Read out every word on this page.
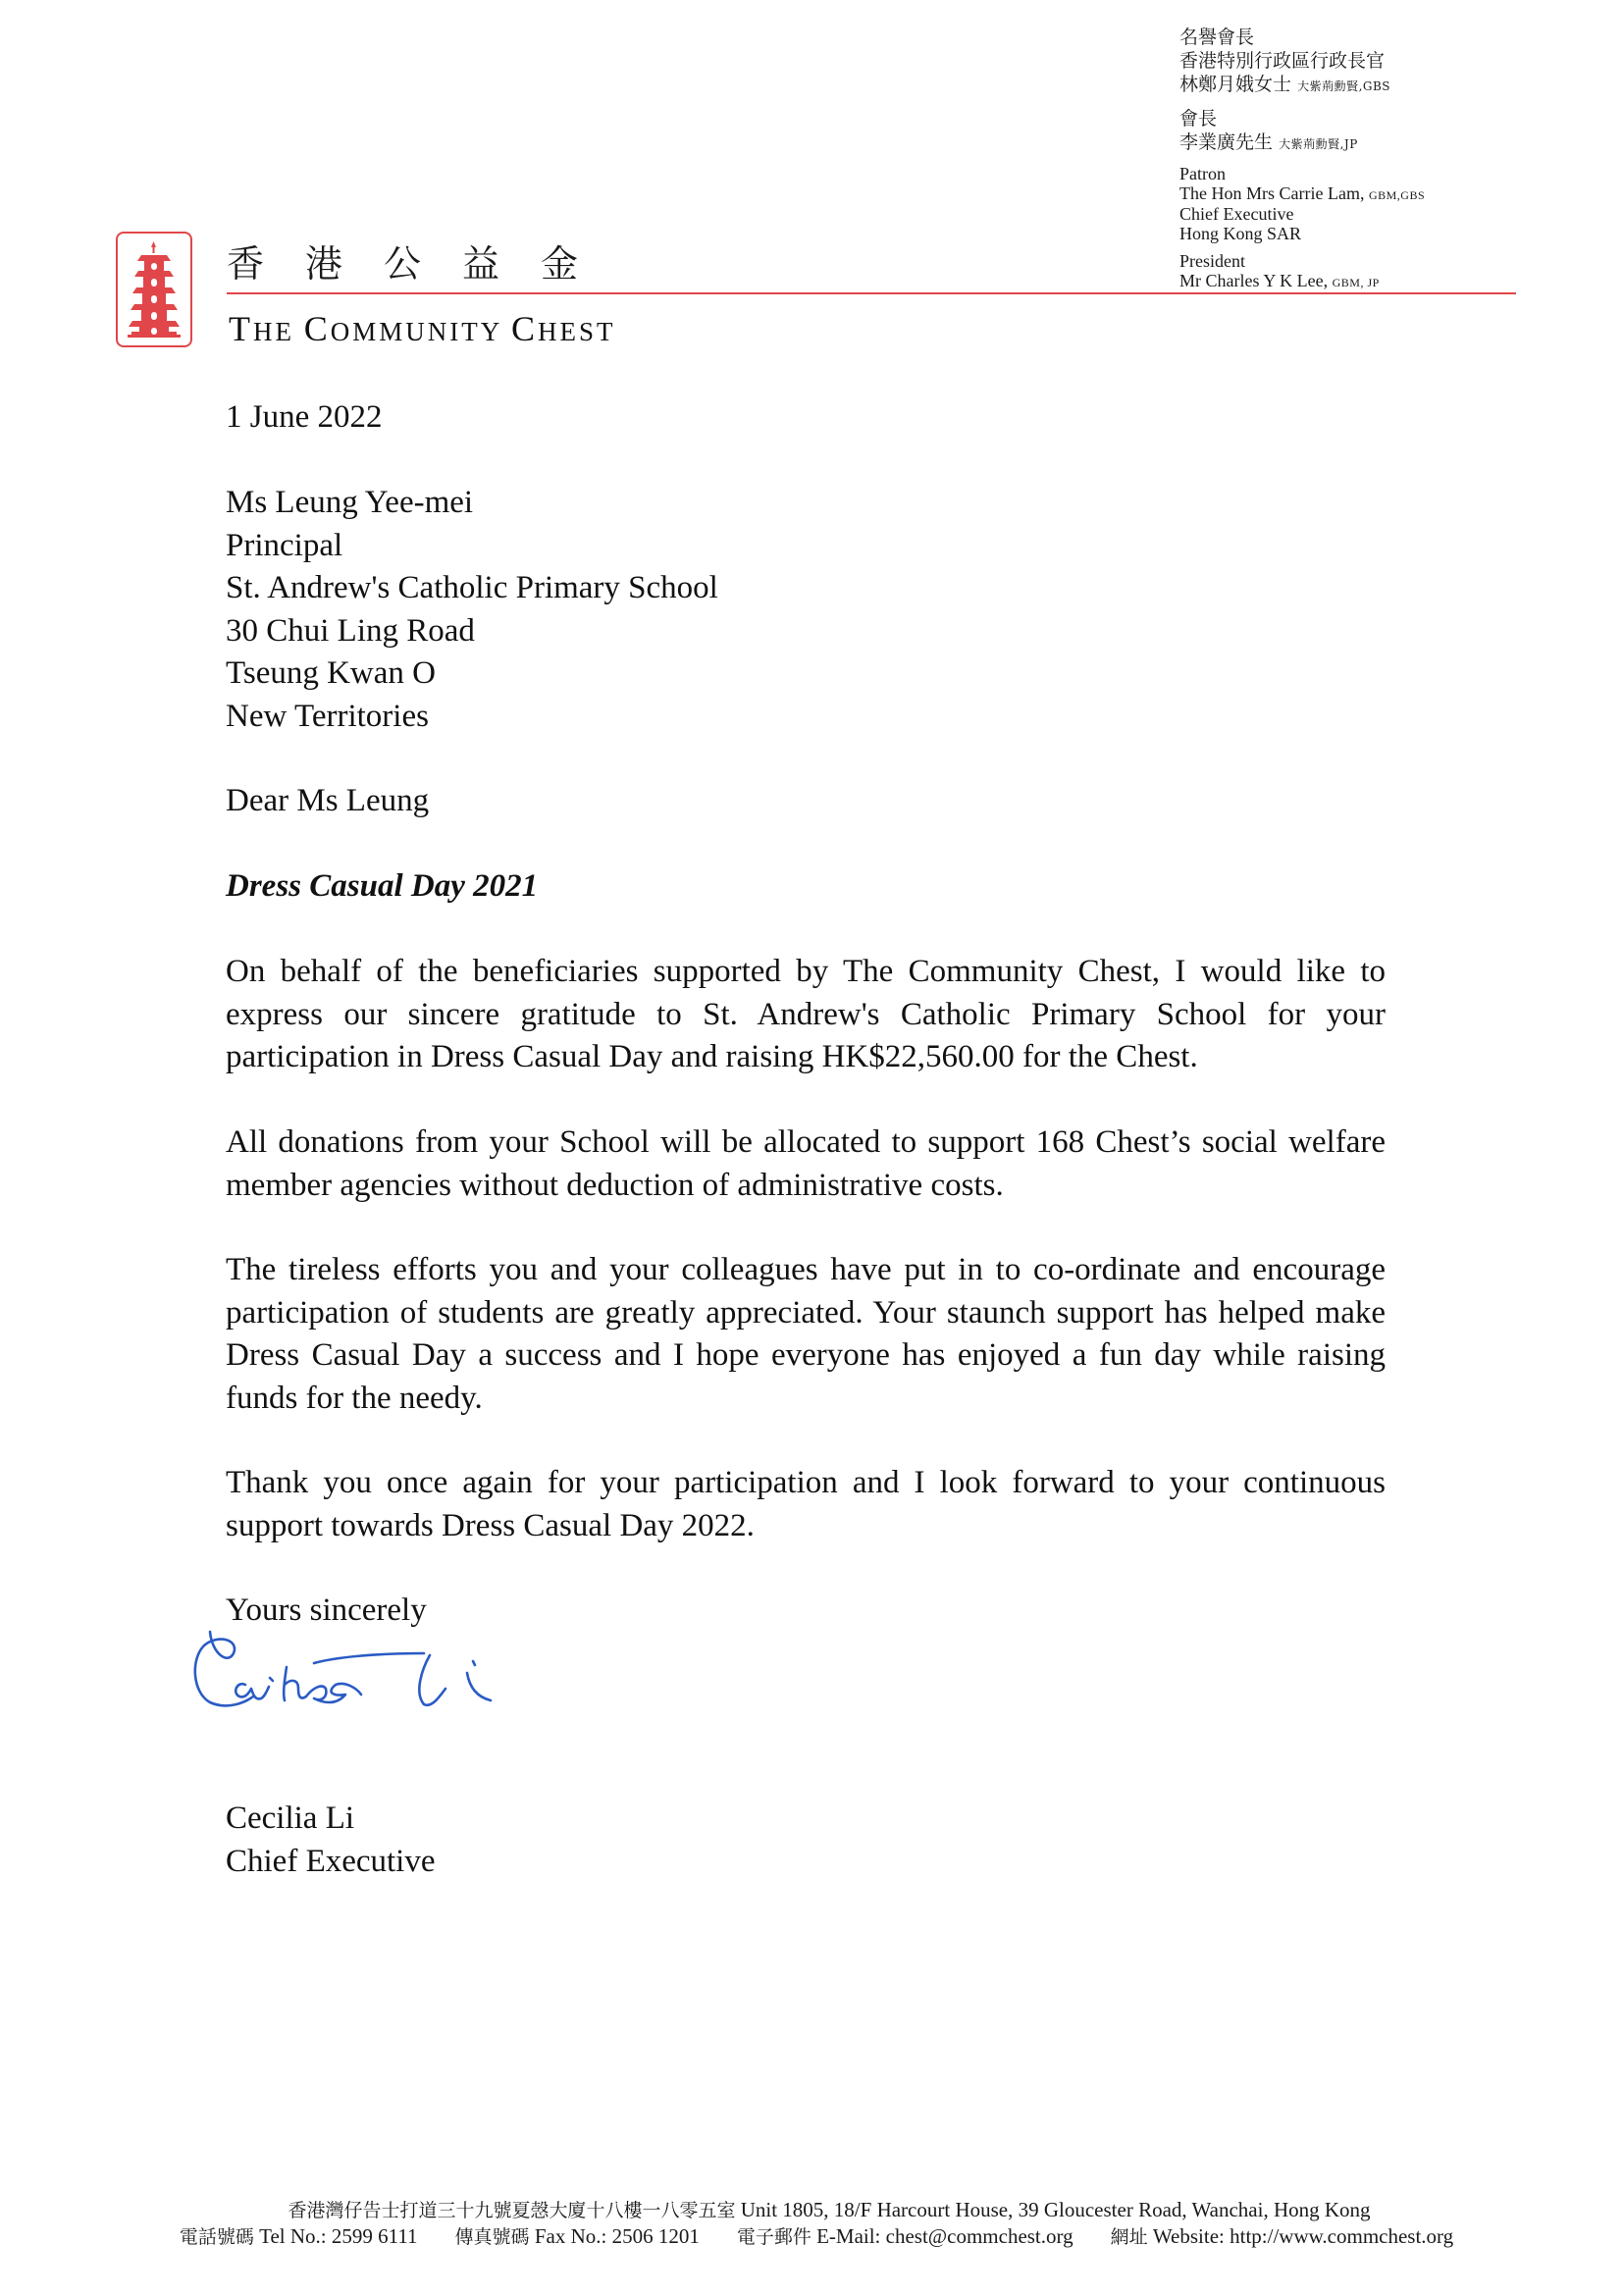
香港公益金
THE COMMUNITY CHEST
名譽會長
香港特別行政區行政長官
林鄭月娥女士 大紫荊勳賢,GBS
會長
李業廣先生 大紫荊勳賢,JP
Patron
The Hon Mrs Carrie Lam, GBM,GBS
Chief Executive
Hong Kong SAR
President
Mr Charles Y K Lee, GBM, JP
1 June 2022
Ms Leung Yee-mei
Principal
St. Andrew's Catholic Primary School
30 Chui Ling Road
Tseung Kwan O
New Territories
Dear Ms Leung
Dress Casual Day 2021
On behalf of the beneficiaries supported by The Community Chest, I would like to express our sincere gratitude to St. Andrew's Catholic Primary School for your participation in Dress Casual Day and raising HK$22,560.00 for the Chest.
All donations from your School will be allocated to support 168 Chest’s social welfare member agencies without deduction of administrative costs.
The tireless efforts you and your colleagues have put in to co-ordinate and encourage participation of students are greatly appreciated. Your staunch support has helped make Dress Casual Day a success and I hope everyone has enjoyed a fun day while raising funds for the needy.
Thank you once again for your participation and I look forward to your continuous support towards Dress Casual Day 2022.
Yours sincerely
Cecilia Li
Chief Executive
香港灣仔告士打道三十九號夏愨大廈十八樓一八零五室 Unit 1805, 18/F Harcourt House, 39 Gloucester Road, Wanchai, Hong Kong
電話號碼 Tel No.: 2599 6111 傳真號碼 Fax No.: 2506 1201 電子郵件 E-Mail: chest@commchest.org 網址 Website: http://www.commchest.org
